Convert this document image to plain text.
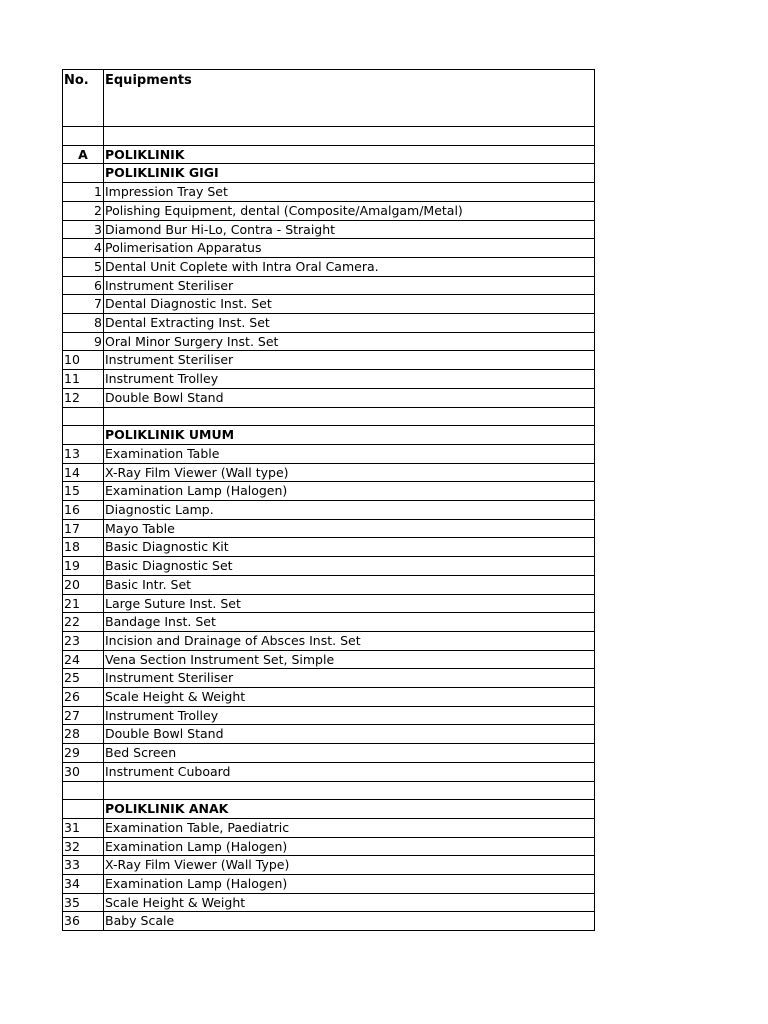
No.	Equipments

A	POLIKLINIK
	POLIKLINIK GIGI
1	Impression Tray Set
2	Polishing Equipment, dental (Composite/Amalgam/Metal)
3	Diamond Bur Hi-Lo, Contra - Straight
4	Polimerisation Apparatus
5	Dental Unit Coplete with Intra Oral Camera.
6	Instrument Steriliser
7	Dental Diagnostic Inst. Set
8	Dental Extracting Inst. Set
9	Oral Minor Surgery Inst. Set
10	Instrument Steriliser
11	Instrument Trolley
12	Double Bowl Stand

	POLIKLINIK UMUM
13	Examination Table
14	X-Ray Film Viewer (Wall type)
15	Examination Lamp (Halogen)
16	Diagnostic Lamp.
17	Mayo Table
18	Basic Diagnostic Kit
19	Basic Diagnostic Set
20	Basic Intr. Set
21	Large Suture Inst. Set
22	Bandage Inst. Set
23	Incision and Drainage of Absces Inst. Set
24	Vena Section Instrument Set, Simple
25	Instrument Steriliser
26	Scale Height & Weight
27	Instrument Trolley
28	Double Bowl Stand
29	Bed Screen
30	Instrument Cuboard

	POLIKLINIK ANAK
31	Examination Table, Paediatric
32	Examination Lamp (Halogen)
33	X-Ray Film Viewer (Wall Type)
34	Examination Lamp (Halogen)
35	Scale Height & Weight
36	Baby Scale
